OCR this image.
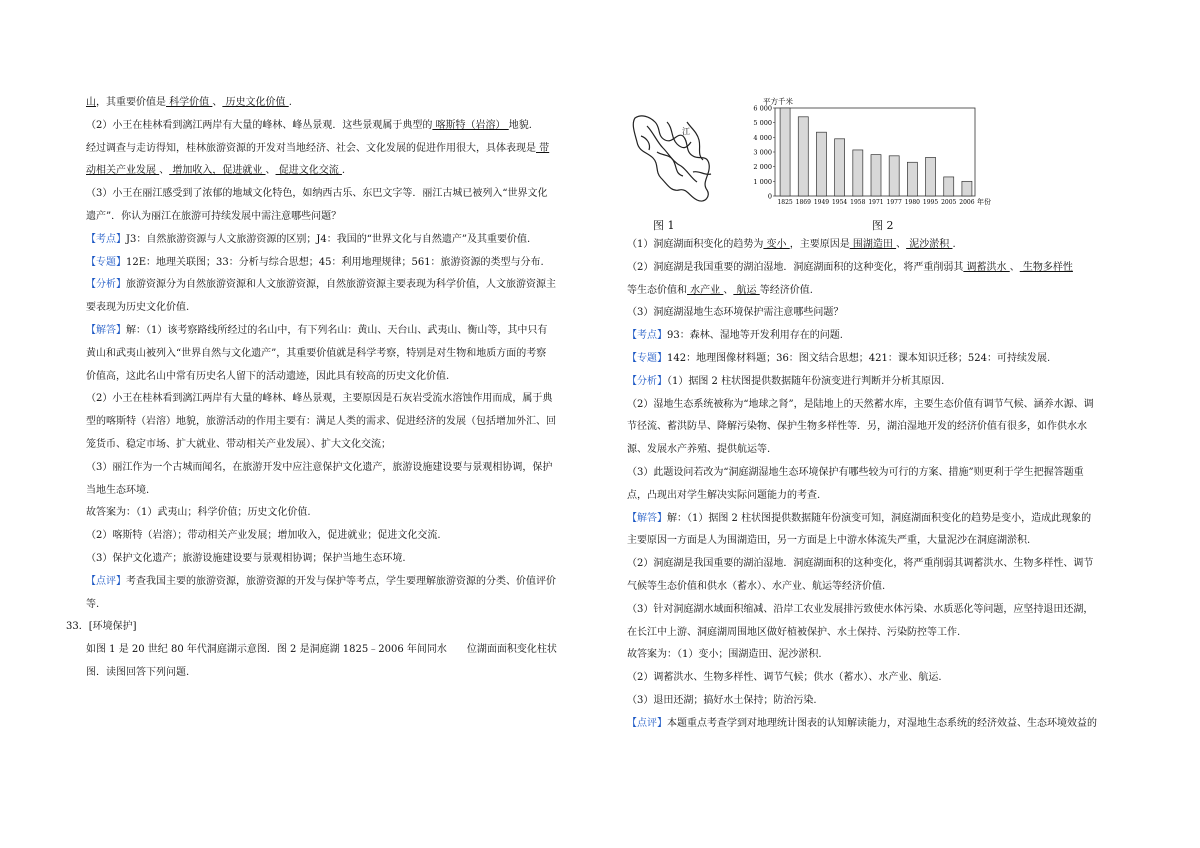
山，其重要价值是 科学价值 、 历史文化价值 .

（2）小王在桂林看到漓江两岸有大量的峰林、峰丛景观．这些景观属于典型的 喀斯特（岩溶） 地貌.

经过调查与走访得知，桂林旅游资源的开发对当地经济、社会、文化发展的促进作用很大，具体表现是 带

动相关产业发展 、 增加收入，促进就业 、 促进文化交流 .

（3）小王在丽江感受到了浓郁的地域文化特色，如纳西古乐、东巴文字等．丽江古城已被列入“世界文化

遗产”．你认为丽江在旅游可持续发展中需注意哪些问题？

【考点】J3：自然旅游资源与人文旅游资源的区别；J4：我国的“世界文化与自然遗产”及其重要价值.

【专题】12E：地理关联图；33：分析与综合思想；45：利用地理规律；561：旅游资源的类型与分布.

【分析】旅游资源分为自然旅游资源和人文旅游资源，自然旅游资源主要表现为科学价值，人文旅游资源主

要表现为历史文化价值.

【解答】解：（1）该考察路线所经过的名山中，有下列名山：黄山、天台山、武夷山、衡山等，其中只有

黄山和武夷山被列入“世界自然与文化遗产”，其重要价值就是科学考察，特别是对生物和地质方面的考察

价值高，这此名山中常有历史名人留下的活动遗迹，因此具有较高的历史文化价值.

（2）小王在桂林看到漓江两岸有大量的峰林、峰丛景观，主要原因是石灰岩受流水溶蚀作用而成，属于典

型的喀斯特（岩溶）地貌，旅游活动的作用主要有：满足人类的需求、促进经济的发展（包括增加外汇、回

笼货币、稳定市场、扩大就业、带动相关产业发展）、扩大文化交流；

（3）丽江作为一个古城而闻名，在旅游开发中应注意保护文化遗产，旅游设施建设要与景观相协调，保护

当地生态环境.

故答案为：（1）武夷山；科学价值；历史文化价值.

（2）喀斯特（岩溶）；带动相关产业发展；增加收入，促进就业；促进文化交流.

（3）保护文化遗产；旅游设施建设要与景观相协调；保护当地生态环境.

【点评】考查我国主要的旅游资源，旅游资源的开发与保护等考点，学生要理解旅游资源的分类、价值评价

等.

33．[环境保护]

如图 1 是 20 世纪 80 年代洞庭湖示意图．图 2 是洞庭湖 1825﹣2006 年间同水　　位湖面面积变化柱状

图．读图回答下列问题.

江
0
1 000
2 000
3 000
4 000
5 000
6 000
平方千米
1825 1869 1949 1954 1958 1971 1977 1980 1995 2005 2006 年份
图 1	图 2

（1）洞庭湖面积变化的趋势为 变小 ，主要原因是 围湖造田 、 泥沙淤积 .

（2）洞庭湖是我国重要的湖泊湿地．洞庭湖面积的这种变化，将严重削弱其 调蓄洪水 、 生物多样性

等生态价值和 水产业 、 航运 等经济价值.

（3）洞庭湖湿地生态环境保护需注意哪些问题？

【考点】93：森林、湿地等开发利用存在的问题.

【专题】142：地理图像材料题；36：图文结合思想；421：课本知识迁移；524：可持续发展.

【分析】（1）据图 2 柱状图提供数据随年份演变进行判断并分析其原因.

（2）湿地生态系统被称为“地球之肾”，是陆地上的天然蓄水库，主要生态价值有调节气候、涵养水源、调

节径流、蓄洪防旱、降解污染物、保护生物多样性等．另，湖泊湿地开发的经济价值有很多，如作供水水

源、发展水产养殖、提供航运等.

（3）此题设问若改为“洞庭湖湿地生态环境保护有哪些较为可行的方案、措施”则更利于学生把握答题重

点，凸现出对学生解决实际问题能力的考查.

【解答】解：（1）据图 2 柱状图提供数据随年份演变可知，洞庭湖面积变化的趋势是变小，造成此现象的

主要原因一方面是人为围湖造田，另一方面是上中游水体流失严重，大量泥沙在洞庭湖淤积.

（2）洞庭湖是我国重要的湖泊湿地．洞庭湖面积的这种变化，将严重削弱其调蓄洪水、生物多样性、调节

气候等生态价值和供水（蓄水）、水产业、航运等经济价值.

（3）针对洞庭湖水域面积缩减、沿岸工农业发展排污致使水体污染、水质恶化等问题，应坚持退田还湖，

在长江中上游、洞庭湖周围地区做好植被保护、水土保持、污染防控等工作.

故答案为：（1）变小；围湖造田、泥沙淤积.

（2）调蓄洪水、生物多样性、调节气候；供水（蓄水）、水产业、航运.

（3）退田还湖；搞好水土保持；防治污染.

【点评】本题重点考查学到对地理统计图表的认知解读能力，对湿地生态系统的经济效益、生态环境效益的
